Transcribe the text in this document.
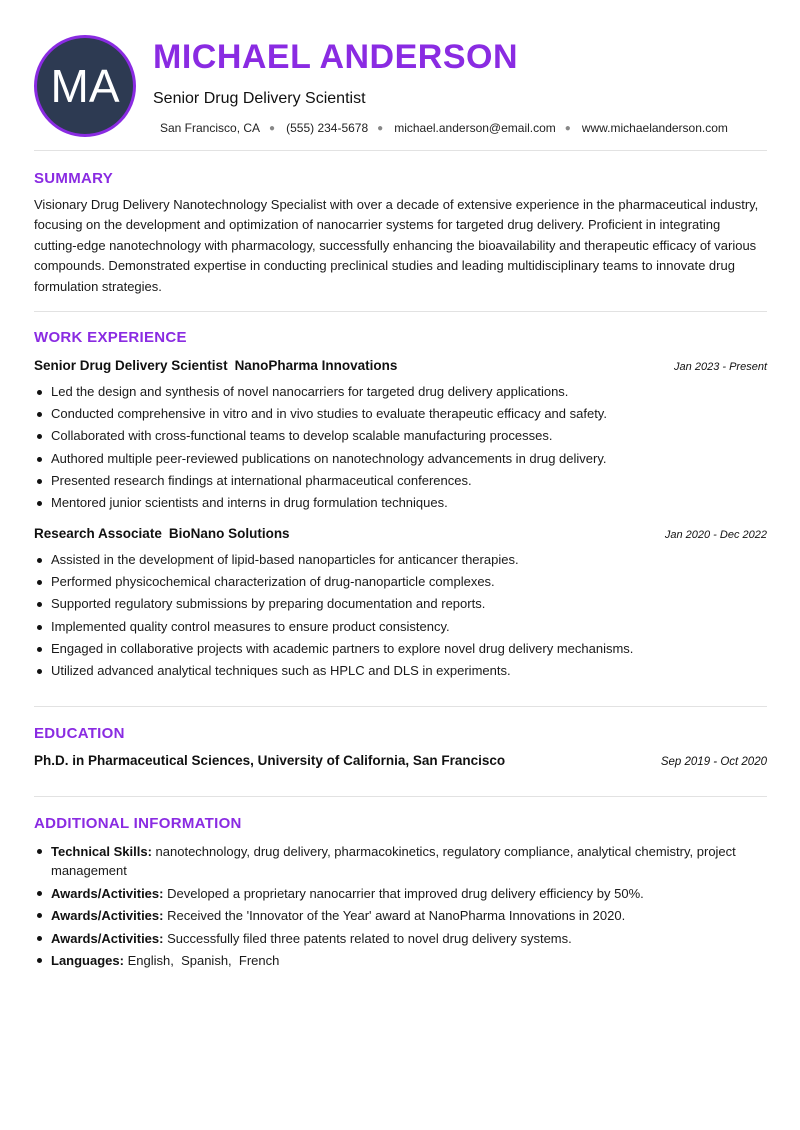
MA
MICHAEL ANDERSON
Senior Drug Delivery Scientist
San Francisco, CA ● (555) 234-5678 ● michael.anderson@email.com ● www.michaelanderson.com
SUMMARY

Visionary Drug Delivery Nanotechnology Specialist with over a decade of extensive experience in the pharmaceutical industry, focusing on the development and optimization of nanocarrier systems for targeted drug delivery. Proficient in integrating cutting-edge nanotechnology with pharmacology, successfully enhancing the bioavailability and therapeutic efficacy of various compounds. Demonstrated expertise in conducting preclinical studies and leading multidisciplinary teams to innovate drug formulation strategies.

WORK EXPERIENCE
Senior Drug Delivery Scientist NanoPharma Innovations	Jan 2023 - Present
Led the design and synthesis of novel nanocarriers for targeted drug delivery applications.
Conducted comprehensive in vitro and in vivo studies to evaluate therapeutic efficacy and safety.
Collaborated with cross-functional teams to develop scalable manufacturing processes.
Authored multiple peer-reviewed publications on nanotechnology advancements in drug delivery.
Presented research findings at international pharmaceutical conferences.
Mentored junior scientists and interns in drug formulation techniques.
Research Associate BioNano Solutions	Jan 2020 - Dec 2022
Assisted in the development of lipid-based nanoparticles for anticancer therapies.
Performed physicochemical characterization of drug-nanoparticle complexes.
Supported regulatory submissions by preparing documentation and reports.
Implemented quality control measures to ensure product consistency.
Engaged in collaborative projects with academic partners to explore novel drug delivery mechanisms.
Utilized advanced analytical techniques such as HPLC and DLS in experiments.
EDUCATION
Ph.D. in Pharmaceutical Sciences, University of California, San Francisco	Sep 2019 - Oct 2020
ADDITIONAL INFORMATION
Technical Skills: nanotechnology, drug delivery, pharmacokinetics, regulatory compliance, analytical chemistry, project management
Awards/Activities: Developed a proprietary nanocarrier that improved drug delivery efficiency by 50%.
Awards/Activities: Received the 'Innovator of the Year' award at NanoPharma Innovations in 2020.
Awards/Activities: Successfully filed three patents related to novel drug delivery systems.
Languages: English,  Spanish,  French
